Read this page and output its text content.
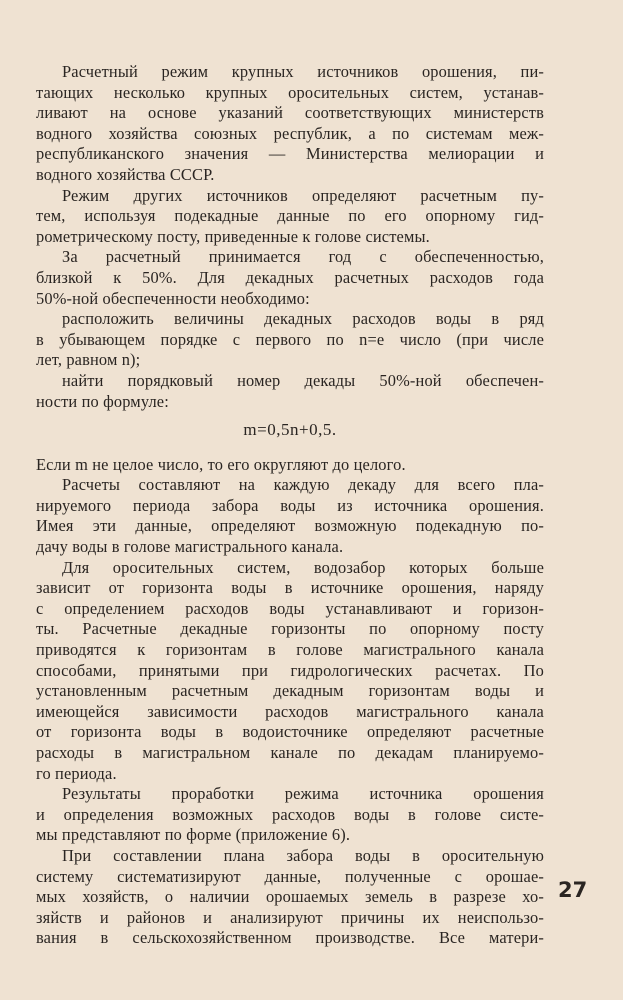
Расчетный режим крупных источников орошения, пи-
тающих несколько крупных оросительных систем, устанав-
ливают на основе указаний соответствующих министерств
водного хозяйства союзных республик, а по системам меж-
республиканского значения — Министерства мелиорации и
водного хозяйства СССР.
Режим других источников определяют расчетным пу-
тем, используя подекадные данные по его опорному гид-
рометрическому посту, приведенные к голове системы.
За расчетный принимается год с обеспеченностью,
близкой к 50%. Для декадных расчетных расходов года
50%-ной обеспеченности необходимо:
расположить величины декадных расходов воды в ряд
в убывающем порядке с первого по n=е число (при числе
лет, равном n);
найти порядковый номер декады 50%-ной обеспечен-
ности по формуле:
m=0,5n+0,5.
Если m не целое число, то его округляют до целого.
Расчеты составляют на каждую декаду для всего пла-
нируемого периода забора воды из источника орошения.
Имея эти данные, определяют возможную подекадную по-
дачу воды в голове магистрального канала.
Для оросительных систем, водозабор которых больше
зависит от горизонта воды в источнике орошения, наряду
с определением расходов воды устанавливают и горизон-
ты. Расчетные декадные горизонты по опорному посту
приводятся к горизонтам в голове магистрального канала
способами, принятыми при гидрологических расчетах. По
установленным расчетным декадным горизонтам воды и
имеющейся зависимости расходов магистрального канала
от горизонта воды в водоисточнике определяют расчетные
расходы в магистральном канале по декадам планируемо-
го периода.
Результаты проработки режима источника орошения
и определения возможных расходов воды в голове систе-
мы представляют по форме (приложение 6).
При составлении плана забора воды в оросительную
систему систематизируют данные, полученные с орошае-
мых хозяйств, о наличии орошаемых земель в разрезе хо-
зяйств и районов и анализируют причины их неиспользо-
вания в сельскохозяйственном производстве. Все матери-
27
